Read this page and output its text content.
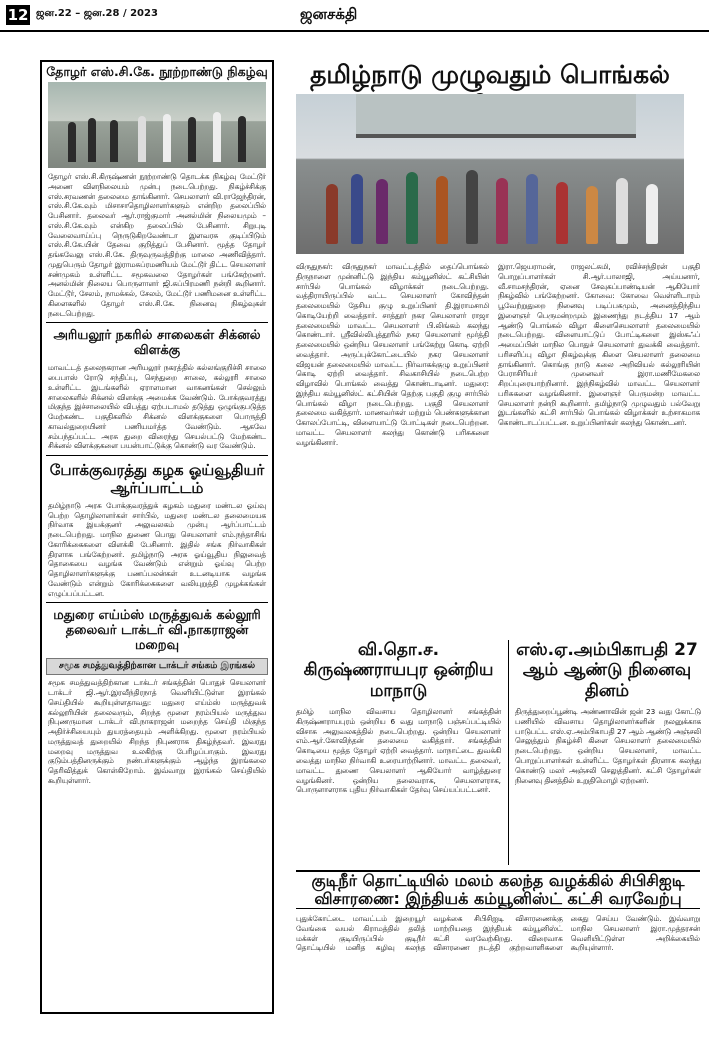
12 ஜன.22 – ஜன.28 / 2023	ஜனசக்தி
தோழர் எஸ்.சி.கே. நூற்றாண்டு நிகழ்வு
தோழர் எஸ்.சி.கிருஷ்ணன் நூற்றாண்டு தொடக்க நிகழ்வு மேட்டூர் அணை விளநிலையம் முன்பு நடைபெற்றது. நிகழ்ச்சிக்கு எஸ்.சரவணன் தலைமை தாங்கினார். செயலாளர் வி.ராஜேந்திரன், எஸ்.சி.கே.வும் மிசாசாதொழிலாளர்களும் என்றிற தலைப்பில் பேசினார். தலைவர் ஆர்.ராஜ்குமார் அனல்மின் நிலையமும் – எஸ்.சி.கே.வும் என்கிற தலைப்பில் பேசினார். சிறுபுடி வேலைவாய்ப்பு நெருடுகிறவேண்டா இளவரசு குடிப்பிடும் எஸ்.சி.கே.யின் தேவை குறித்துப் பேசினார். மூத்த தோழர் தங்கவேலு எஸ்.சி.கே. திருவுருவத்திற்கு மாலை அணிவித்தார். முதுபெரும் தோழர் இராமசுப்ரமணியம் மேட்டூர் திட்ட செயலாளர் சண்முகம் உள்ளிட்ட சமூகவலை தோழர்கள் பங்கேற்றனர். அனல்மின் நிலைய பொருளாளர் ஜி.சுப்பிரமணி நன்றி கூறினார். மேட்டூர், சேலம், நாமக்கல், சேலம், மேட்டூர் பணிமனை உள்ளிட்ட கிளைகளில் தோழர் எஸ்.சி.கே. நினைவு நிகழ்வுகள் நடைபெற்றது.
அரியலூர் நகரில் சாலைகள் சிக்னல் விளக்கு
மாவட்டத் தலைநகரான அரியலூர் நகரத்தில் கல்லங்குறிச்சி சாலை பைபாஸ் ரோடு சந்திப்பு, செந்துறை சாலை, கல்லூரி சாலை உள்ளிட்ட இடங்களில் ஏராளமான வாகனங்கள் செல்லும் சாலைகளில் சிக்னல் விளக்கு அமைக்க வேண்டும். போக்குவரத்து மிகுந்த இச்சாலையில் விபத்து ஏற்படாமல் தடுத்து ஒழுங்குபடுத்த மேற்கண்ட பகுதிகளில் சிக்னல் விளக்குகளை பொருத்தி காவல்துறையினர் பணியமர்த்த வேண்டும். ஆகவே சம்பந்தப்பட்ட அரசு துறை விரைந்து செயல்பட்டு மேற்கண்ட சிக்னல் விளக்குகளை பயன்பாட்டுக்கு கொண்டு வர வேண்டும்.
போக்குவரத்து கழக ஓய்வூதியர் ஆர்ப்பாட்டம்
தமிழ்நாடு அரசு போக்குவரத்துக் கழகம் மதுரை மண்டல ஓய்வு பெற்ற தொழிலாளர்கள் சார்பில், மதுரை மண்டல தலைமையக நிர்வாக இயக்குனர் அலுவலகம் முன்பு ஆர்ப்பாட்டம் நடைபெற்றது. மாநில துணை பொது செயலாளர் எம்.நந்தாசிங் கோரிக்கைகளை விளக்கி பேசினார். இதில் சங்க நிர்வாகிகள் திரளாக பங்கேற்றனர். தமிழ்நாடு அரசு ஓய்வூதிய நிலுவைத் தொகையை வழங்க வேண்டும் என்றும் ஓய்வு பெற்ற தொழிலாளர்களுக்கு பணப்பலன்கள் உடனடியாக வழங்க வேண்டும் என்றும் கோரிக்கைகளை வலியுறுத்தி முழக்கங்கள் எழுப்பப்பட்டன.
மதுரை எய்ம்ஸ் மருத்துவக் கல்லூரி தலைவர் டாக்டர் வி.நாகராஜன் மறைவு
சமூக சமத்துவத்திற்கான டாக்டர் சங்கம் இரங்கல்
சமூக சமத்துவத்திற்கான டாக்டர் சங்கத்தின் பொதுச் செயலாளர் டாக்டர் ஜி.ஆர்.இரவீந்திரநாத் வெளியிட்டுள்ள இரங்கல் செய்தியில் கூறியுள்ளதாவது: மதுரை எய்ம்ஸ் மருத்துவக் கல்லூரியின் தலைவரும், சிறந்த மூளை நரம்பியல் மருத்துவ நிபுணருமான டாக்டர் வி.நாகராஜன் மறைந்த செய்தி மிகுந்த அதிர்ச்சியையும் துயரத்தையும் அளிக்கிறது. மூளை நரம்பியல் மருத்துவத் துறையில் சிறந்த நிபுணராக திகழ்ந்தவர். இவரது மறைவு மருத்துவ உலகிற்கு பேரிழப்பாகும். இவரது குடும்பத்தினருக்கும் நண்பர்களுக்கும் ஆழ்ந்த இரங்கலை தெரிவித்துக் கொள்கிறோம். இவ்வாறு இரங்கல் செய்தியில் கூறியுள்ளார்.
தமிழ்நாடு முழுவதும் பொங்கல்
விருதுநகர்: விருதுநகர் மாவட்டத்தில் தைப்பொங்கல் திருநாளை முன்னிட்டு இந்திய கம்யூனிஸ்ட் கட்சியின் சார்பில் பொங்கல் விழாக்கள் நடைபெற்றது. வத்திராயிருப்பில் வட்ட செயலாளர் கோவிந்தன் தலைமையில் தேசிய குழு உறுப்பினர் தி.இராமசாமி கொடியேற்றி வைத்தார். சாத்தூர் நகர செயலாளர் ராஜா தலைமையில் மாவட்ட செயலாளர் பி.லிங்கம் கலந்து கொண்டார். ஸ்ரீவில்லிபுத்தூரில் நகர செயலாளர் மூர்த்தி தலைமையில் ஒன்றிய செயலாளர் பங்கேற்று கொடி ஏற்றி வைத்தார். அருப்புக்கோட்டையில் நகர செயலாளர் விஜயன் தலைமையில் மாவட்ட நிர்வாகக்குழு உறுப்பினர் கொடி ஏற்றி வைத்தார். சிவகாசியில் நடைபெற்ற விழாவில் பொங்கல் வைத்து கொண்டாடினர். மதுரை: இந்திய கம்யூனிஸ்ட் கட்சியின் தெற்கு பகுதி குழு சார்பில் பொங்கல் விழா நடைபெற்றது. பகுதி செயலாளர் தலைமை வகித்தார். மாணவர்கள் மற்றும் பெண்களுக்கான கோலப்போட்டி, விளையாட்டு போட்டிகள் நடைபெற்றன. மாவட்ட செயலாளர் கலந்து கொண்டு பரிசுகளை வழங்கினார்.
இரா.ஜெயராமன், ராஜலட்சுமி, ரவிச்சந்திரன் பகுதி பொறுப்பாளர்கள் சி.ஆர்.பாலாஜி, அய்யனார், வீ.சாமசந்திரன், ஏனை சேவுகப்பாண்டியன் ஆகியோர் நிகழ்வில் பங்கேற்றனர். கோவை: கோவை வெள்ளிடாரம் பூவேற்றுதுறை நினைவு படிப்பகமும், அனைத்திந்திய இளைஞர் பெருமன்றமும் இணைந்து நடத்திய 17 ஆம் ஆண்டு பொங்கல் விழா கிளைசெயலாளர் தலைமையில் நடைபெற்றது. விளையாட்டுப் போட்டிகளை இஸ்கஃப் அமைப்பின் மாநில பொதுச் செயலாளர் துவக்கி வைத்தார். பரிசளிப்பு விழா நிகழ்வுக்கு கிளை செயலாளர் தலைமை தாங்கினார். கொங்கு நாடு கலை அறிவியல் கல்லூரியின் பேராசிரியர் முனைவர் இரா.மணிமேகலை சிறப்புரையாற்றினார். இந்நிகழ்வில் மாவட்ட செயலாளர் பரிசுகளை வழங்கினார். இளைஞர் பெருமன்ற மாவட்ட செயலாளர் நன்றி கூறினார். தமிழ்நாடு முழுவதும் பல்வேறு இடங்களில் கட்சி சார்பில் பொங்கல் விழாக்கள் உற்சாகமாக கொண்டாடப்பட்டன. உறுப்பினர்கள் கலந்து கொண்டனர்.
வி.தொ.ச. கிருஷ்ணராயபுர ஒன்றிய மாநாடு
தமிழ் மாநில விவசாய தொழிலாளர் சங்கத்தின் கிருஷ்ணராயபுரம் ஒன்றிய 6 வது மாநாடு பஞ்சப்பட்டியில் விசாசு அலுவலகத்தில் நடைபெற்றது. ஒன்றிய செயலாளர் எம்.ஆர்.கோவிந்தன் தலைமை வகித்தார். சங்கத்தின் கொடியை மூத்த தோழர் ஏற்றி வைத்தார். மாநாட்டை துவக்கி வைத்து மாநில நிர்வாகி உரையாற்றினார். மாவட்ட தலைவர், மாவட்ட துணை செயலாளர் ஆகியோர் வாழ்த்துரை வழங்கினர். ஒன்றிய தலைவராக, செயலாளராக, பொருளாளராக புதிய நிர்வாகிகள் தேர்வு செய்யப்பட்டனர்.
எஸ்.ஏ.அம்பிகாபதி 27 ஆம் ஆண்டு நினைவு தினம்
திருத்துறைப்பூண்டி அண்ணாவின் ஜன் 23 வது கோட்டு பணியில் விவசாய தொழிலாளர்களின் நலனுக்காக பாடுபட்ட எஸ்.ஏ.அம்பிகாபதி 27 ஆம் ஆண்டு அஞ்சலி செலுத்தும் நிகழ்ச்சி கிளை செயலாளர் தலைமையில் நடைபெற்றது. ஒன்றிய செயலாளர், மாவட்ட பொறுப்பாளர்கள் உள்ளிட்ட தோழர்கள் திரளாக கலந்து கொண்டு மலர் அஞ்சலி செலுத்தினர். கட்சி தோழர்கள் நினைவு தினத்தில் உறுதிமொழி ஏற்றனர்.
குடிநீர் தொட்டியில் மலம் கலந்த வழக்கில் சிபிசிஐடி விசாரணை: இந்தியக் கம்யூனிஸ்ட் கட்சி வரவேற்பு
புதுக்கோட்டை மாவட்டம் இறையூர் வேங்கை வயல் கிராமத்தில் தலித் மக்கள் குடியிருப்பில் குடிநீர் தொட்டியில் மனித கழிவு கலந்த வழக்கை சிபிசிஐடி விசாரணைக்கு மாற்றியதை இந்தியக் கம்யூனிஸ்ட் கட்சி வரவேற்கிறது. விரைவாக விசாரணை நடத்தி குற்றவாளிகளை கைது செய்ய வேண்டும். இவ்வாறு மாநில செயலாளர் இரா.முத்தரசன் வெளியிட்டுள்ள அறிக்கையில் கூறியுள்ளார்.
